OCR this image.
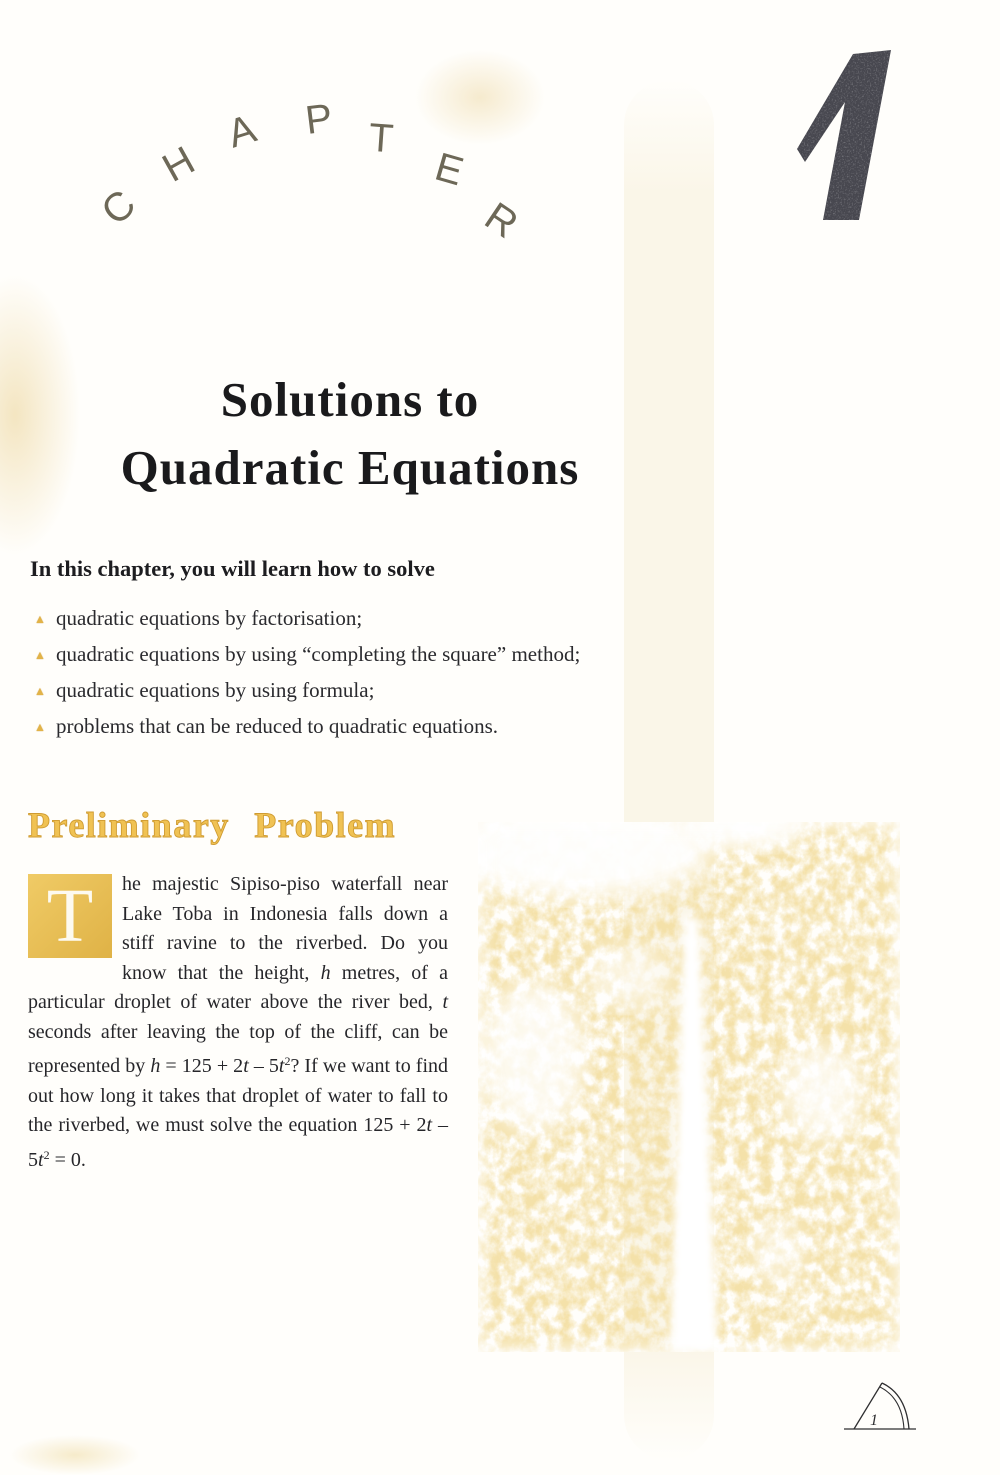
C
H
A P T
E
R
Solutions to
Quadratic Equations
In this chapter, you will learn how to solve
▲ quadratic equations by factorisation;
▲ quadratic equations by using “completing the square” method;
▲ quadratic equations by using formula;
▲ problems that can be reduced to quadratic equations.
Preliminary Problem
T	he majestic Sipiso-piso waterfall near Lake Toba in Indonesia falls down a stiff ravine to the riverbed. Do you know that the height, h metres, of a particular droplet of water above the river bed, t seconds after leaving the top of the cliff, can be represented by $h = 125 + 2t - 5t^2$? If we want to find out how long it takes that droplet of water to fall to the riverbed, we must solve the equation $125 + 2t - 5t^2 = 0$.
1
